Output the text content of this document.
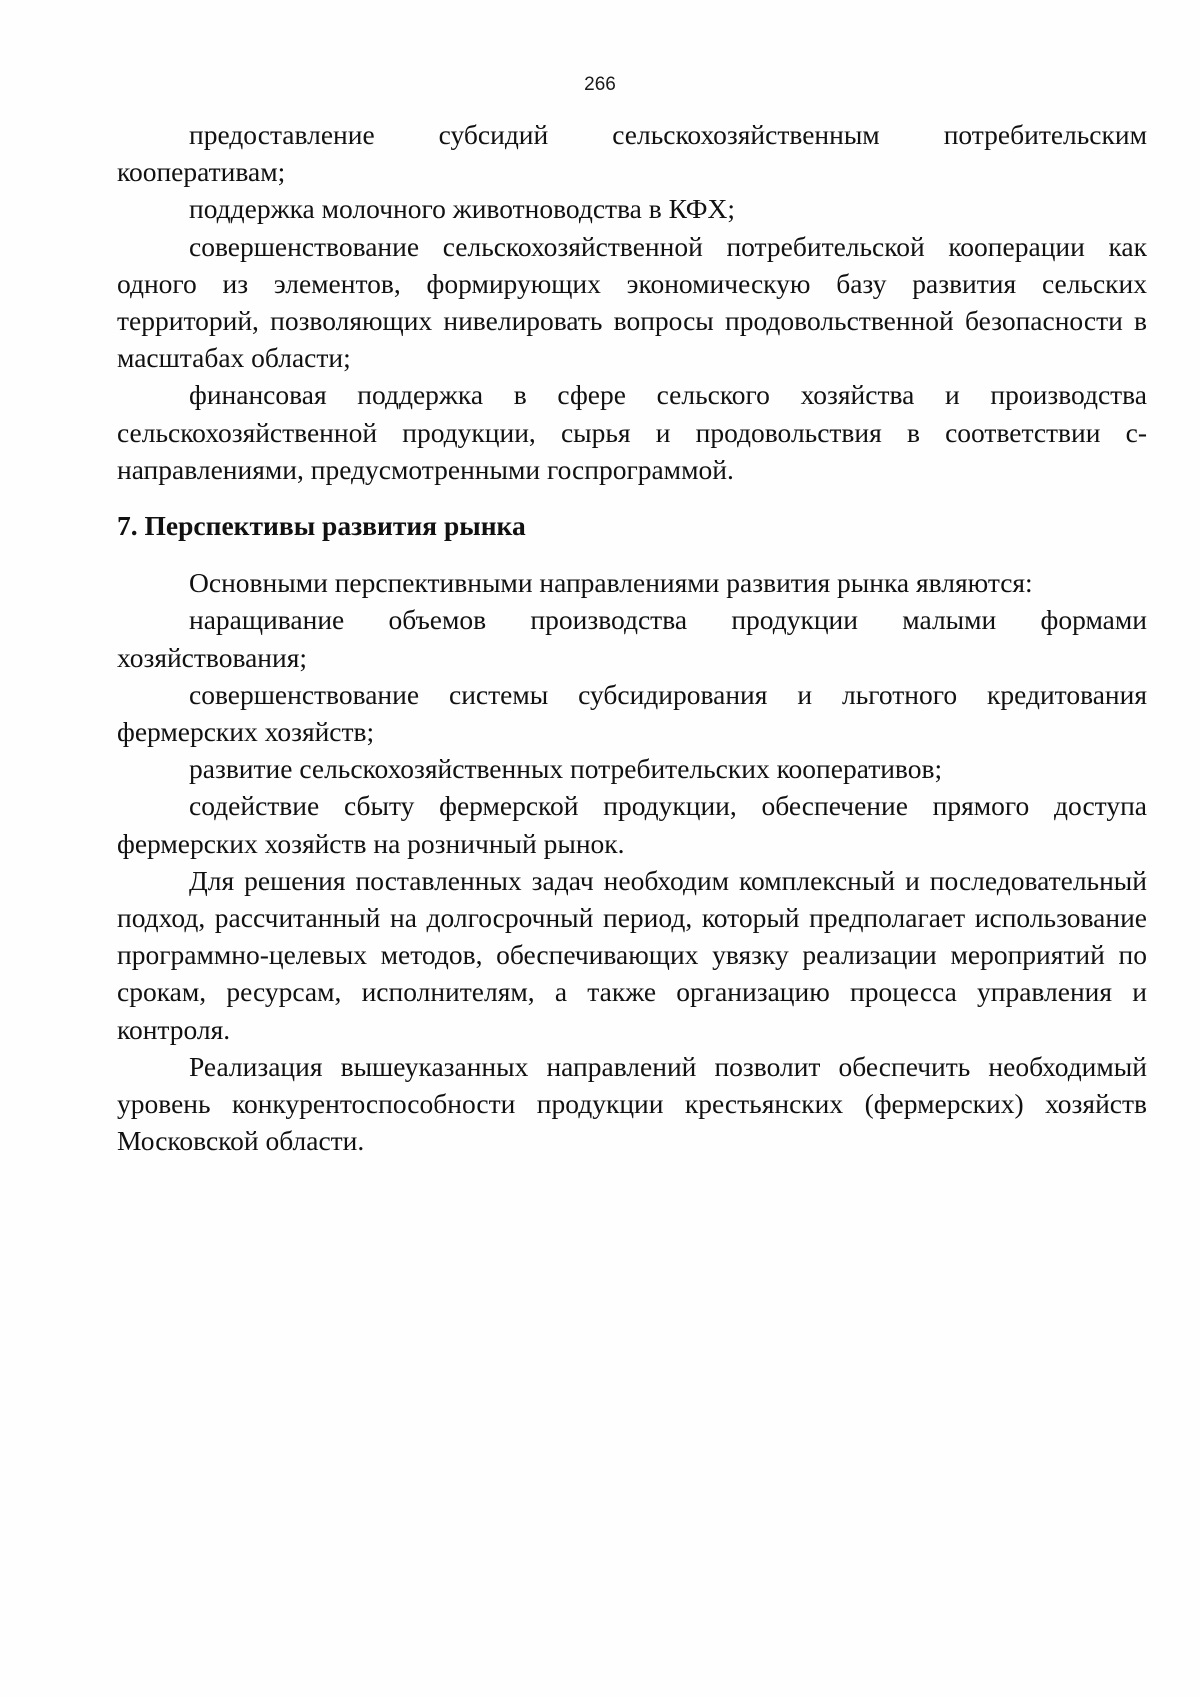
266

предоставление субсидий сельскохозяйственным потребительским кооперативам;

поддержка молочного животноводства в КФХ;

совершенствование сельскохозяйственной потребительской кооперации как одного из элементов, формирующих экономическую базу развития сельских территорий, позволяющих нивелировать вопросы продовольственной безопасности в масштабах области;

финансовая поддержка в сфере сельского хозяйства и производства сельскохозяйственной продукции, сырья и продовольствия в соответствии с-направлениями, предусмотренными госпрограммой.

7. Перспективы развития рынка

Основными перспективными направлениями развития рынка являются:

наращивание объемов производства продукции малыми формами хозяйствования;

совершенствование системы субсидирования и льготного кредитования фермерских хозяйств;

развитие сельскохозяйственных потребительских кооперативов;

содействие сбыту фермерской продукции, обеспечение прямого доступа фермерских хозяйств на розничный рынок.

Для решения поставленных задач необходим комплексный и последовательный подход, рассчитанный на долгосрочный период, который предполагает использование программно-целевых методов, обеспечивающих увязку реализации мероприятий по срокам, ресурсам, исполнителям, а также организацию процесса управления и контроля.

Реализация вышеуказанных направлений позволит обеспечить необходимый уровень конкурентоспособности продукции крестьянских (фермерских) хозяйств Московской области.
